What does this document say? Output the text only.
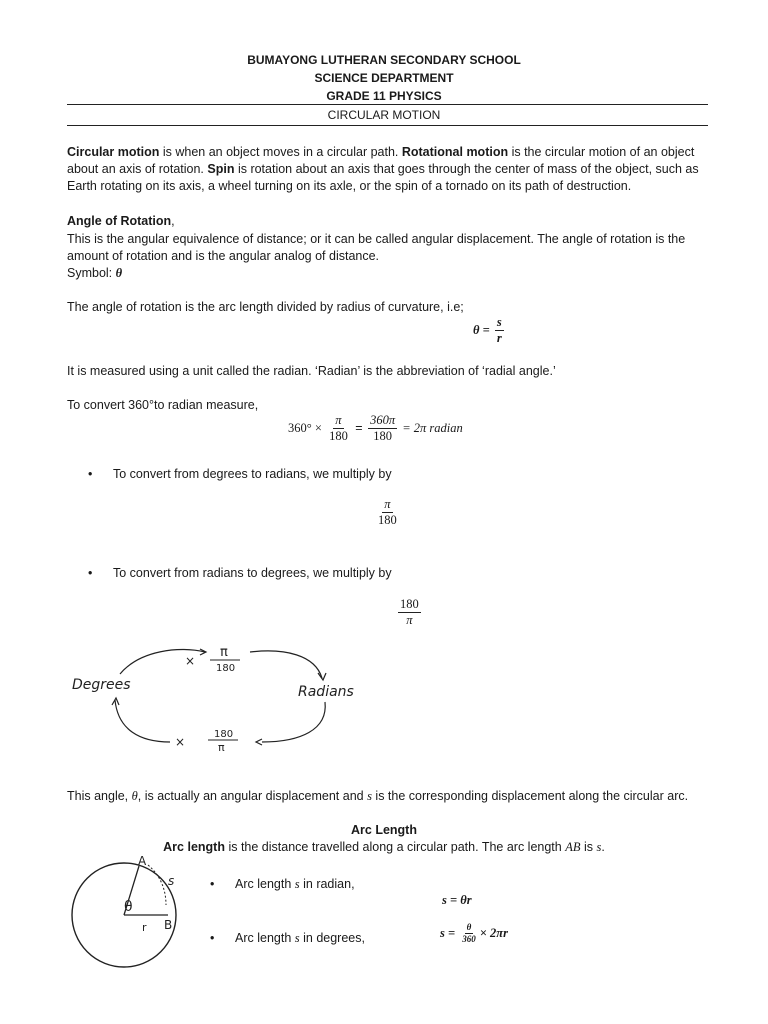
BUMAYONG LUTHERAN SECONDARY SCHOOL
SCIENCE DEPARTMENT
GRADE 11 PHYSICS
CIRCULAR MOTION
Circular motion is when an object moves in a circular path. Rotational motion is the circular motion of an object about an axis of rotation. Spin is rotation about an axis that goes through the center of mass of the object, such as Earth rotating on its axis, a wheel turning on its axle, or the spin of a tornado on its path of destruction.
Angle of Rotation,
This is the angular equivalence of distance; or it can be called angular displacement. The angle of rotation is the amount of rotation and is the angular analog of distance.
Symbol: θ
The angle of rotation is the arc length divided by radius of curvature, i.e;
$\theta = \frac{s}{r}$
It is measured using a unit called the radian. ‘Radian’ is the abbreviation of ‘radial angle.’
To convert 360°to radian measure,
$360^\circ \times \frac{\pi}{180} = \frac{360\pi}{180} = 2\pi$ radian
• To convert from degrees to radians, we multiply by
$\frac{\pi}{180}$
• To convert from radians to degrees, we multiply by
$\frac{180}{\pi}$
Degrees	Radians
×
π
180
×
180
π
This angle, θ, is actually an angular displacement and s is the corresponding displacement along the circular arc.
Arc Length
Arc length is the distance travelled along a circular path. The arc length AB is s.
A
B
s
θ
r
• Arc length s in radian,
s = θr
• Arc length s in degrees,	$s = \frac{\theta}{360} \times 2\pi r$
